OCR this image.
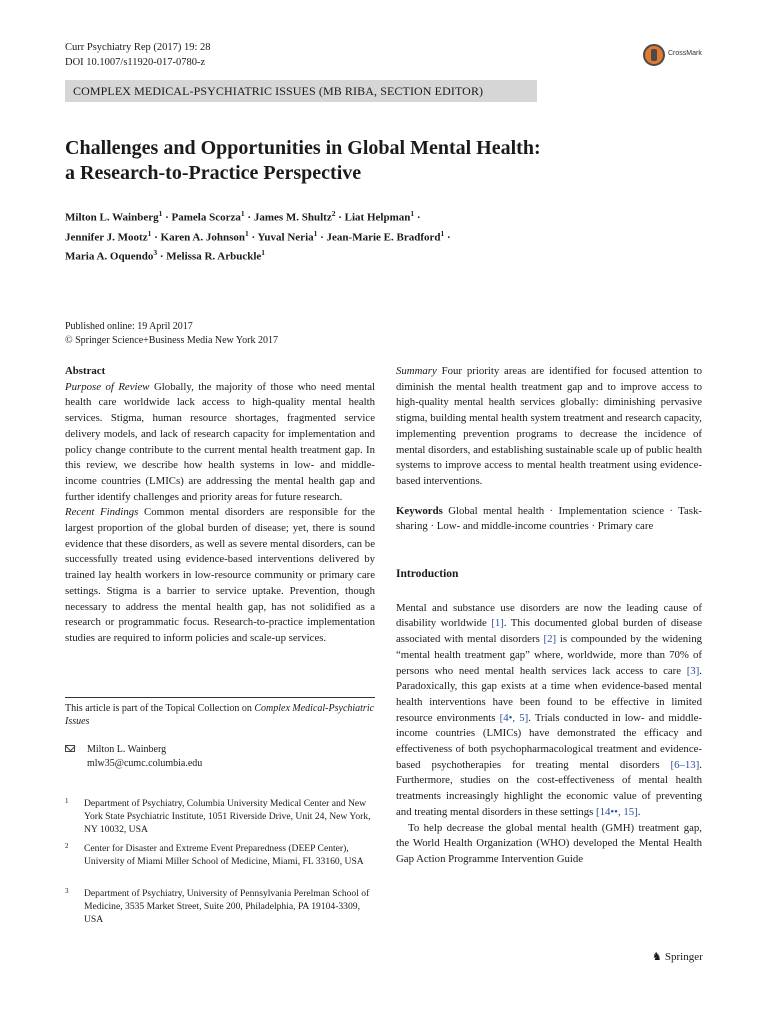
Curr Psychiatry Rep (2017) 19: 28
DOI 10.1007/s11920-017-0780-z
CrossMark
COMPLEX MEDICAL-PSYCHIATRIC ISSUES (MB RIBA, SECTION EDITOR)
Challenges and Opportunities in Global Mental Health:
a Research-to-Practice Perspective
Milton L. Wainberg$^1$ · Pamela Scorza$^1$ · James M. Shultz$^2$ · Liat Helpman$^1$ ·
Jennifer J. Mootz$^1$ · Karen A. Johnson$^1$ · Yuval Neria$^1$ · Jean-Marie E. Bradford$^1$ ·
Maria A. Oquendo$^3$ · Melissa R. Arbuckle$^1$
Published online: 19 April 2017
© Springer Science+Business Media New York 2017
Abstract
Purpose of Review Globally, the majority of those who need mental health care worldwide lack access to high-quality mental health services. Stigma, human resource shortages, fragmented service delivery models, and lack of research capacity for implementation and policy change contribute to the current mental health treatment gap. In this review, we describe how health systems in low- and middle-income countries (LMICs) are addressing the mental health gap and further identify challenges and priority areas for future research.
Recent Findings Common mental disorders are responsible for the largest proportion of the global burden of disease; yet, there is sound evidence that these disorders, as well as severe mental disorders, can be successfully treated using evidence-based interventions delivered by trained lay health workers in low-resource community or primary care settings. Stigma is a barrier to service uptake. Prevention, though necessary to address the mental health gap, has not solidified as a research or programmatic focus. Research-to-practice implementation studies are required to inform policies and scale-up services.
This article is part of the Topical Collection on Complex Medical-Psychiatric Issues
Milton L. Wainberg
mlw35@cumc.columbia.edu
1 Department of Psychiatry, Columbia University Medical Center and New York State Psychiatric Institute, 1051 Riverside Drive, Unit 24, New York, NY 10032, USA
2 Center for Disaster and Extreme Event Preparedness (DEEP Center), University of Miami Miller School of Medicine, Miami, FL 33160, USA
3 Department of Psychiatry, University of Pennsylvania Perelman School of Medicine, 3535 Market Street, Suite 200, Philadelphia, PA 19104-3309, USA
Summary Four priority areas are identified for focused attention to diminish the mental health treatment gap and to improve access to high-quality mental health services globally: diminishing pervasive stigma, building mental health system treatment and research capacity, implementing prevention programs to decrease the incidence of mental disorders, and establishing sustainable scale up of public health systems to improve access to mental health treatment using evidence-based interventions.
Keywords Global mental health · Implementation science · Task-sharing · Low- and middle-income countries · Primary care
Introduction
Mental and substance use disorders are now the leading cause of disability worldwide [1]. This documented global burden of disease associated with mental disorders [2] is compounded by the widening “mental health treatment gap” where, worldwide, more than 70% of persons who need mental health services lack access to care [3]. Paradoxically, this gap exists at a time when evidence-based mental health interventions have been found to be effective in limited resource environments [4•, 5]. Trials conducted in low- and middle-income countries (LMICs) have demonstrated the efficacy and effectiveness of both psychopharmacological treatment and evidence-based psychotherapies for treating mental disorders [6–13]. Furthermore, studies on the cost-effectiveness of mental health treatments increasingly highlight the economic value of preventing and treating mental disorders in these settings [14••, 15].
To help decrease the global mental health (GMH) treatment gap, the World Health Organization (WHO) developed the Mental Health Gap Action Programme Intervention Guide
♞ Springer
